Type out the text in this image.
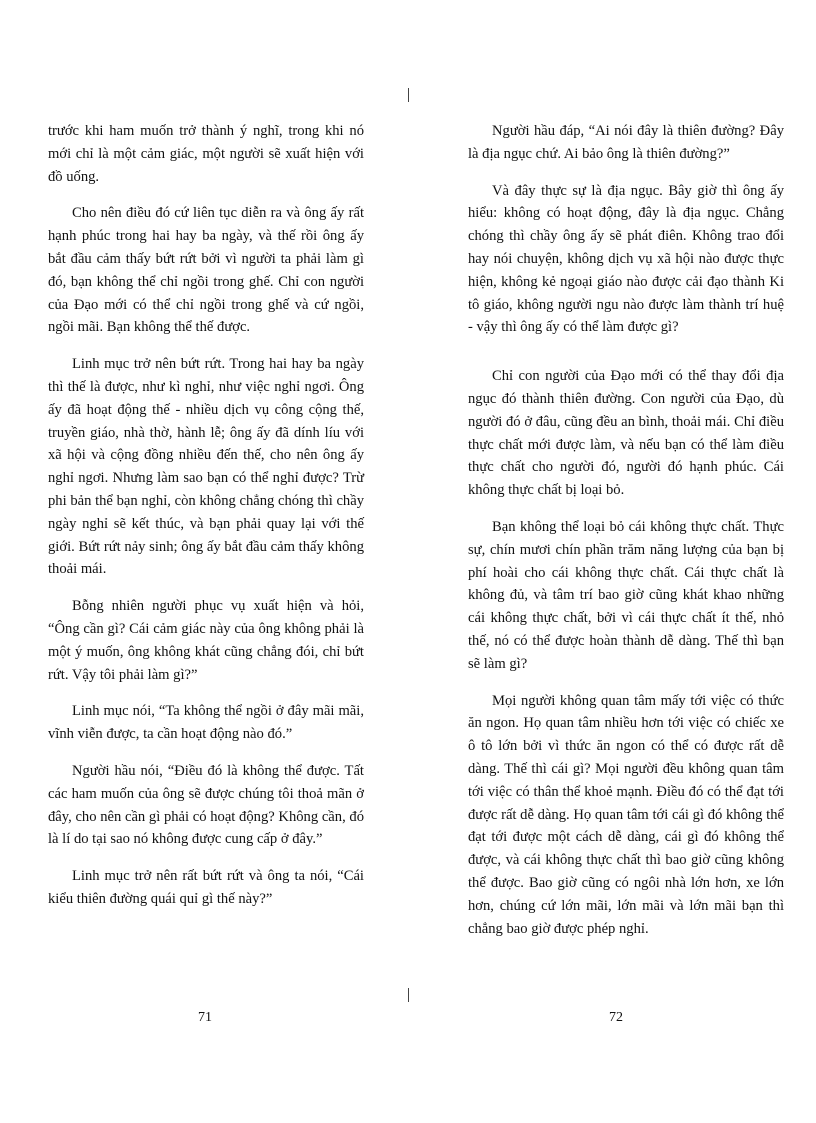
trước khi ham muốn trở thành ý nghĩ, trong khi nó mới chỉ là một cảm giác, một người sẽ xuất hiện với đồ uống.

Cho nên điều đó cứ liên tục diễn ra và ông ấy rất hạnh phúc trong hai hay ba ngày, và thế rồi ông ấy bắt đầu cảm thấy bứt rứt bởi vì người ta phải làm gì đó, bạn không thể chỉ ngồi trong ghế. Chỉ con người của Đạo mới có thể chỉ ngồi trong ghế và cứ ngồi, ngồi mãi. Bạn không thể thế được.

Linh mục trở nên bứt rứt. Trong hai hay ba ngày thì thế là được, như kì nghỉ, như việc nghỉ ngơi. Ông ấy đã hoạt động thế - nhiều dịch vụ công cộng thế, truyền giáo, nhà thờ, hành lễ; ông ấy đã dính líu với xã hội và cộng đồng nhiều đến thế, cho nên ông ấy nghỉ ngơi. Nhưng làm sao bạn có thể nghỉ được? Trừ phi bản thể bạn nghỉ, còn không chẳng chóng thì chầy ngày nghỉ sẽ kết thúc, và bạn phải quay lại với thế giới. Bứt rứt nảy sinh; ông ấy bắt đầu cảm thấy không thoải mái.

Bỗng nhiên người phục vụ xuất hiện và hỏi, “Ông cần gì? Cái cảm giác này của ông không phải là một ý muốn, ông không khát cũng chẳng đói, chỉ bứt rứt. Vậy tôi phải làm gì?”

Linh mục nói, “Ta không thể ngồi ở đây mãi mãi, vĩnh viễn được, ta cần hoạt động nào đó.”

Người hầu nói, “Điều đó là không thể được. Tất các ham muốn của ông sẽ được chúng tôi thoả mãn ở đây, cho nên cần gì phải có hoạt động? Không cần, đó là lí do tại sao nó không được cung cấp ở đây.”

Linh mục trở nên rất bứt rứt và ông ta nói, “Cái kiểu thiên đường quái quỉ gì thế này?”

Người hầu đáp, “Ai nói đây là thiên đường? Đây là địa ngục chứ. Ai bảo ông là thiên đường?”

Và đây thực sự là địa ngục. Bây giờ thì ông ấy hiểu: không có hoạt động, đây là địa ngục. Chẳng chóng thì chầy ông ấy sẽ phát điên. Không trao đổi hay nói chuyện, không dịch vụ xã hội nào được thực hiện, không kẻ ngoại giáo nào được cải đạo thành Ki tô giáo, không người ngu nào được làm thành trí huệ - vậy thì ông ấy có thể làm được gì?

Chỉ con người của Đạo mới có thể thay đổi địa ngục đó thành thiên đường. Con người của Đạo, dù người đó ở đâu, cũng đều an bình, thoải mái. Chỉ điều thực chất mới được làm, và nếu bạn có thể làm điều thực chất cho người đó, người đó hạnh phúc. Cái không thực chất bị loại bỏ.

Bạn không thể loại bỏ cái không thực chất. Thực sự, chín mươi chín phần trăm năng lượng của bạn bị phí hoài cho cái không thực chất. Cái thực chất là không đủ, và tâm trí bao giờ cũng khát khao những cái không thực chất, bởi vì cái thực chất ít thế, nhỏ thế, nó có thể được hoàn thành dễ dàng. Thế thì bạn sẽ làm gì?

Mọi người không quan tâm mấy tới việc có thức ăn ngon. Họ quan tâm nhiều hơn tới việc có chiếc xe ô tô lớn bởi vì thức ăn ngon có thể có được rất dễ dàng. Thế thì cái gì? Mọi người đều không quan tâm tới việc có thân thể khoẻ mạnh. Điều đó có thể đạt tới được rất dễ dàng. Họ quan tâm tới cái gì đó không thể đạt tới được một cách dễ dàng, cái gì đó không thể được, và cái không thực chất thì bao giờ cũng không thể được. Bao giờ cũng có ngôi nhà lớn hơn, xe lớn hơn, chúng cứ lớn mãi, lớn mãi và lớn mãi bạn thì chẳng bao giờ được phép nghỉ.

71	72
